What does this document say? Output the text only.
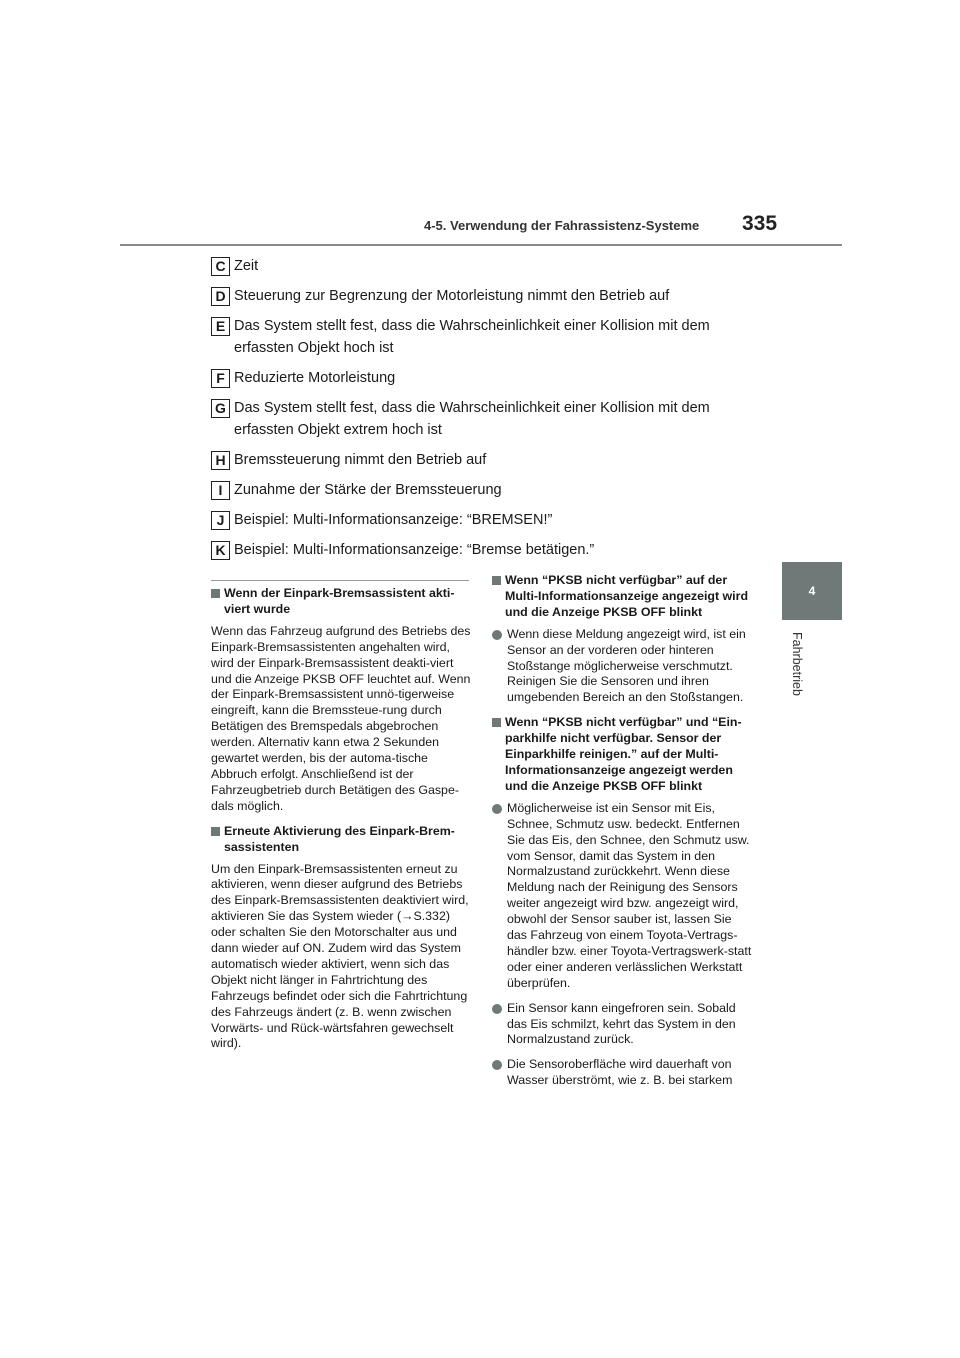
4-5. Verwendung der Fahrassistenz-Systeme 335
4
Fahrbetrieb
C Zeit
D Steuerung zur Begrenzung der Motorleistung nimmt den Betrieb auf
E Das System stellt fest, dass die Wahrscheinlichkeit einer Kollision mit dem erfassten Objekt hoch ist
F Reduzierte Motorleistung
G Das System stellt fest, dass die Wahrscheinlichkeit einer Kollision mit dem erfassten Objekt extrem hoch ist
H Bremssteuerung nimmt den Betrieb auf
I Zunahme der Stärke der Bremssteuerung
J Beispiel: Multi-Informationsanzeige: “BREMSEN!”
K Beispiel: Multi-Informationsanzeige: “Bremse betätigen.”
Wenn der Einpark-Bremsassistent akti-viert wurde
Wenn das Fahrzeug aufgrund des Betriebs des Einpark-Bremsassistenten angehalten wird, wird der Einpark-Bremsassistent deakti-viert und die Anzeige PKSB OFF leuchtet auf. Wenn der Einpark-Bremsassistent unnö-tigerweise eingreift, kann die Bremssteue-rung durch Betätigen des Bremspedals abgebrochen werden. Alternativ kann etwa 2 Sekunden gewartet werden, bis der automa-tische Abbruch erfolgt. Anschließend ist der Fahrzeugbetrieb durch Betätigen des Gaspe-dals möglich.
Erneute Aktivierung des Einpark-Brem-sassistenten
Um den Einpark-Bremsassistenten erneut zu aktivieren, wenn dieser aufgrund des Betriebs des Einpark-Bremsassistenten deaktiviert wird, aktivieren Sie das System wieder (→S.332) oder schalten Sie den Motorschalter aus und dann wieder auf ON. Zudem wird das System automatisch wieder aktiviert, wenn sich das Objekt nicht länger in Fahrtrichtung des Fahrzeugs befindet oder sich die Fahrtrichtung des Fahrzeugs ändert (z. B. wenn zwischen Vorwärts- und Rück-wärtsfahren gewechselt wird).
Wenn “PKSB nicht verfügbar” auf der Multi-Informationsanzeige angezeigt wird und die Anzeige PKSB OFF blinkt
Wenn diese Meldung angezeigt wird, ist ein Sensor an der vorderen oder hinteren Stoßstange möglicherweise verschmutzt. Reinigen Sie die Sensoren und ihren umgebenden Bereich an den Stoßstangen.
Wenn “PKSB nicht verfügbar” und “Ein-parkhilfe nicht verfügbar. Sensor der Einparkhilfe reinigen.” auf der Multi-Informationsanzeige angezeigt werden und die Anzeige PKSB OFF blinkt
Möglicherweise ist ein Sensor mit Eis, Schnee, Schmutz usw. bedeckt. Entfernen Sie das Eis, den Schnee, den Schmutz usw. vom Sensor, damit das System in den Normalzustand zurückkehrt. Wenn diese Meldung nach der Reinigung des Sensors weiter angezeigt wird bzw. angezeigt wird, obwohl der Sensor sauber ist, lassen Sie das Fahrzeug von einem Toyota-Vertrags-händler bzw. einer Toyota-Vertragswerk-statt oder einer anderen verlässlichen Werkstatt überprüfen.
Ein Sensor kann eingefroren sein. Sobald das Eis schmilzt, kehrt das System in den Normalzustand zurück.
Die Sensoroberfläche wird dauerhaft von Wasser überströmt, wie z. B. bei starkem
